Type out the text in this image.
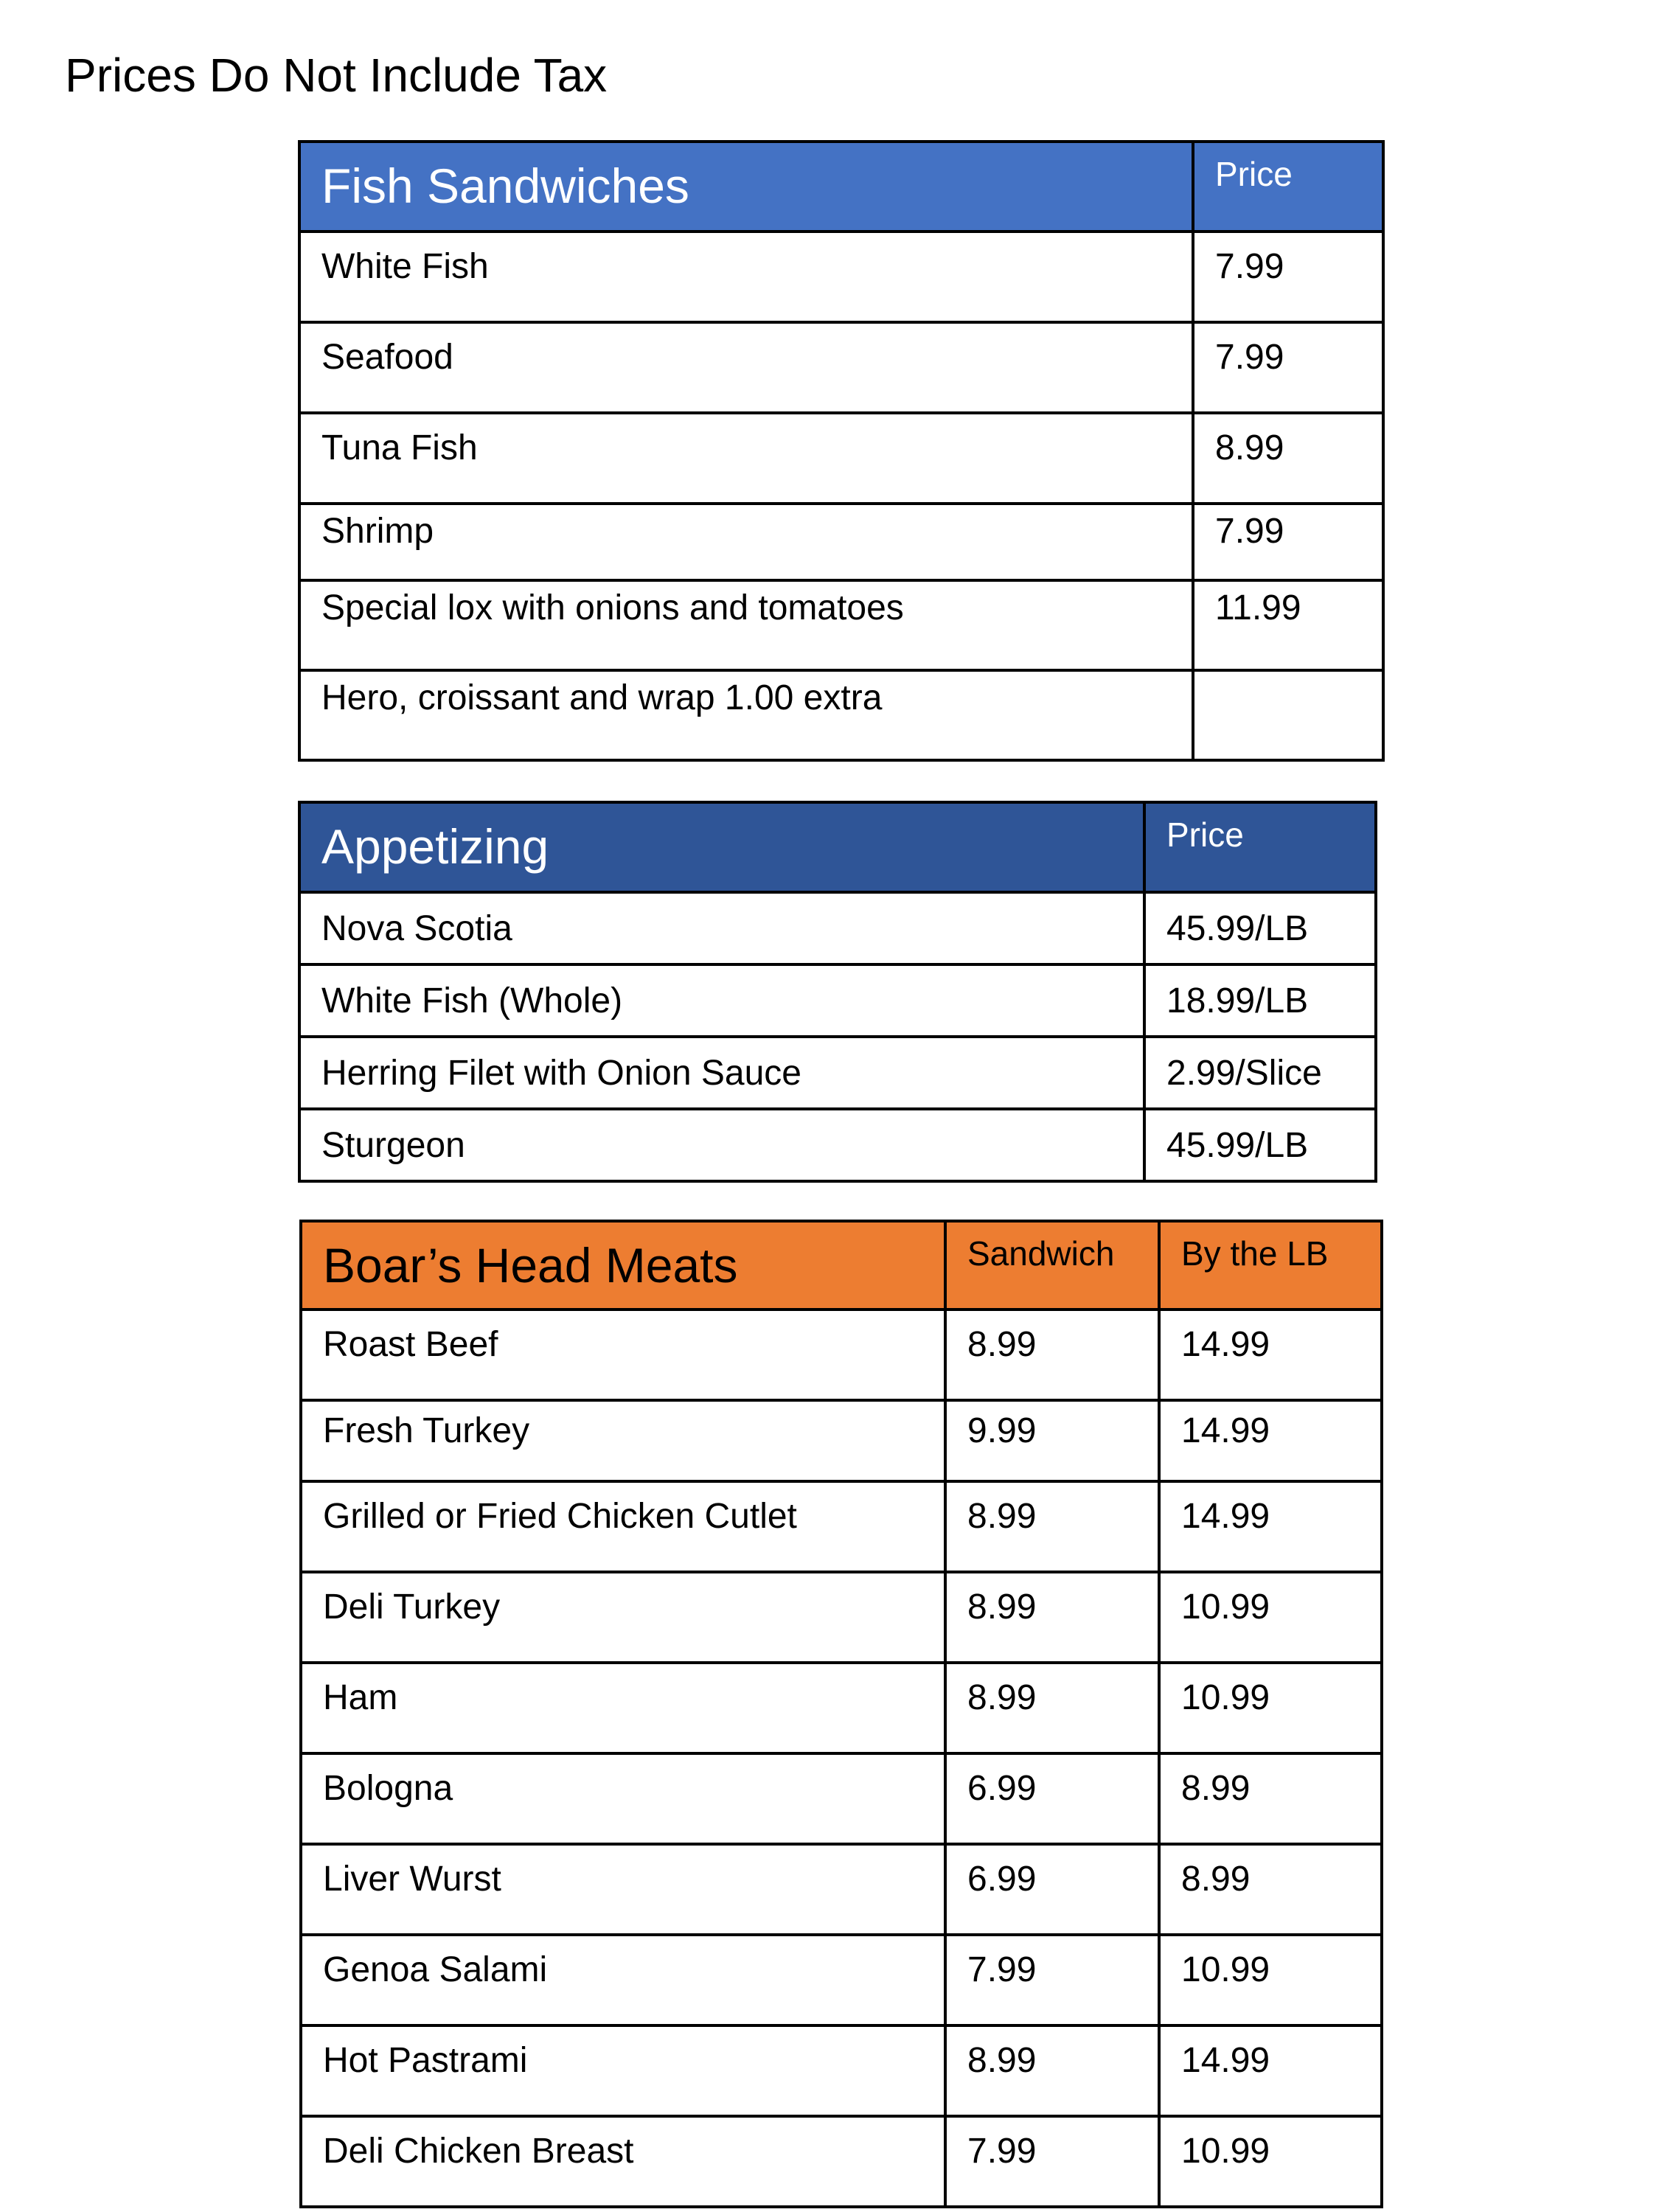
Prices Do Not Include Tax
Fish Sandwiches	Price
White Fish	7.99
Seafood	7.99
Tuna Fish	8.99
Shrimp	7.99
Special lox with onions and tomatoes	11.99
Hero, croissant and wrap 1.00 extra	
Appetizing	Price
Nova Scotia	45.99/LB
White Fish (Whole)	18.99/LB
Herring Filet with Onion Sauce	2.99/Slice
Sturgeon	45.99/LB
Boar’s Head Meats	Sandwich	By the LB
Roast Beef	8.99	14.99
Fresh Turkey	9.99	14.99
Grilled or Fried Chicken Cutlet	8.99	14.99
Deli Turkey	8.99	10.99
Ham	8.99	10.99
Bologna	6.99	8.99
Liver Wurst	6.99	8.99
Genoa Salami	7.99	10.99
Hot Pastrami	8.99	14.99
Deli Chicken Breast	7.99	10.99
